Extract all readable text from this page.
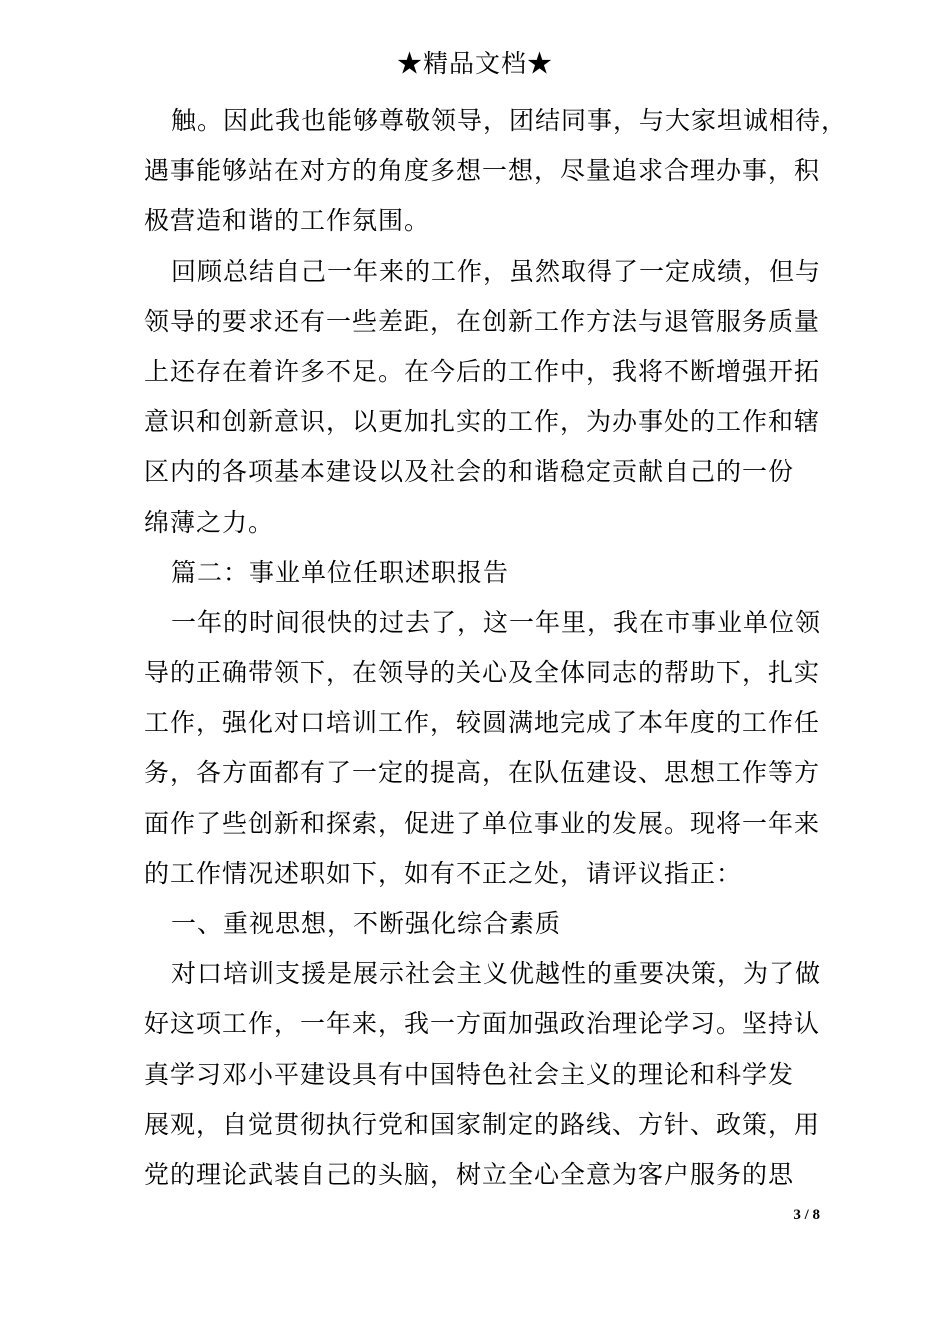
★精品文档★
触。因此我也能够尊敬领导，团结同事，与大家坦诚相待，
遇事能够站在对方的角度多想一想，尽量追求合理办事，积
极营造和谐的工作氛围。
回顾总结自己一年来的工作，虽然取得了一定成绩，但与
领导的要求还有一些差距，在创新工作方法与退管服务质量
上还存在着许多不足。在今后的工作中，我将不断增强开拓
意识和创新意识，以更加扎实的工作，为办事处的工作和辖
区内的各项基本建设以及社会的和谐稳定贡献自己的一份
绵薄之力。
篇二：事业单位任职述职报告
一年的时间很快的过去了，这一年里，我在市事业单位领
导的正确带领下，在领导的关心及全体同志的帮助下，扎实
工作，强化对口培训工作，较圆满地完成了本年度的工作任
务，各方面都有了一定的提高，在队伍建设、思想工作等方
面作了些创新和探索，促进了单位事业的发展。现将一年来
的工作情况述职如下，如有不正之处，请评议指正：
一、重视思想，不断强化综合素质
对口培训支援是展示社会主义优越性的重要决策，为了做
好这项工作，一年来，我一方面加强政治理论学习。坚持认
真学习邓小平建设具有中国特色社会主义的理论和科学发
展观，自觉贯彻执行党和国家制定的路线、方针、政策，用
党的理论武装自己的头脑，树立全心全意为客户服务的思
3 / 8
